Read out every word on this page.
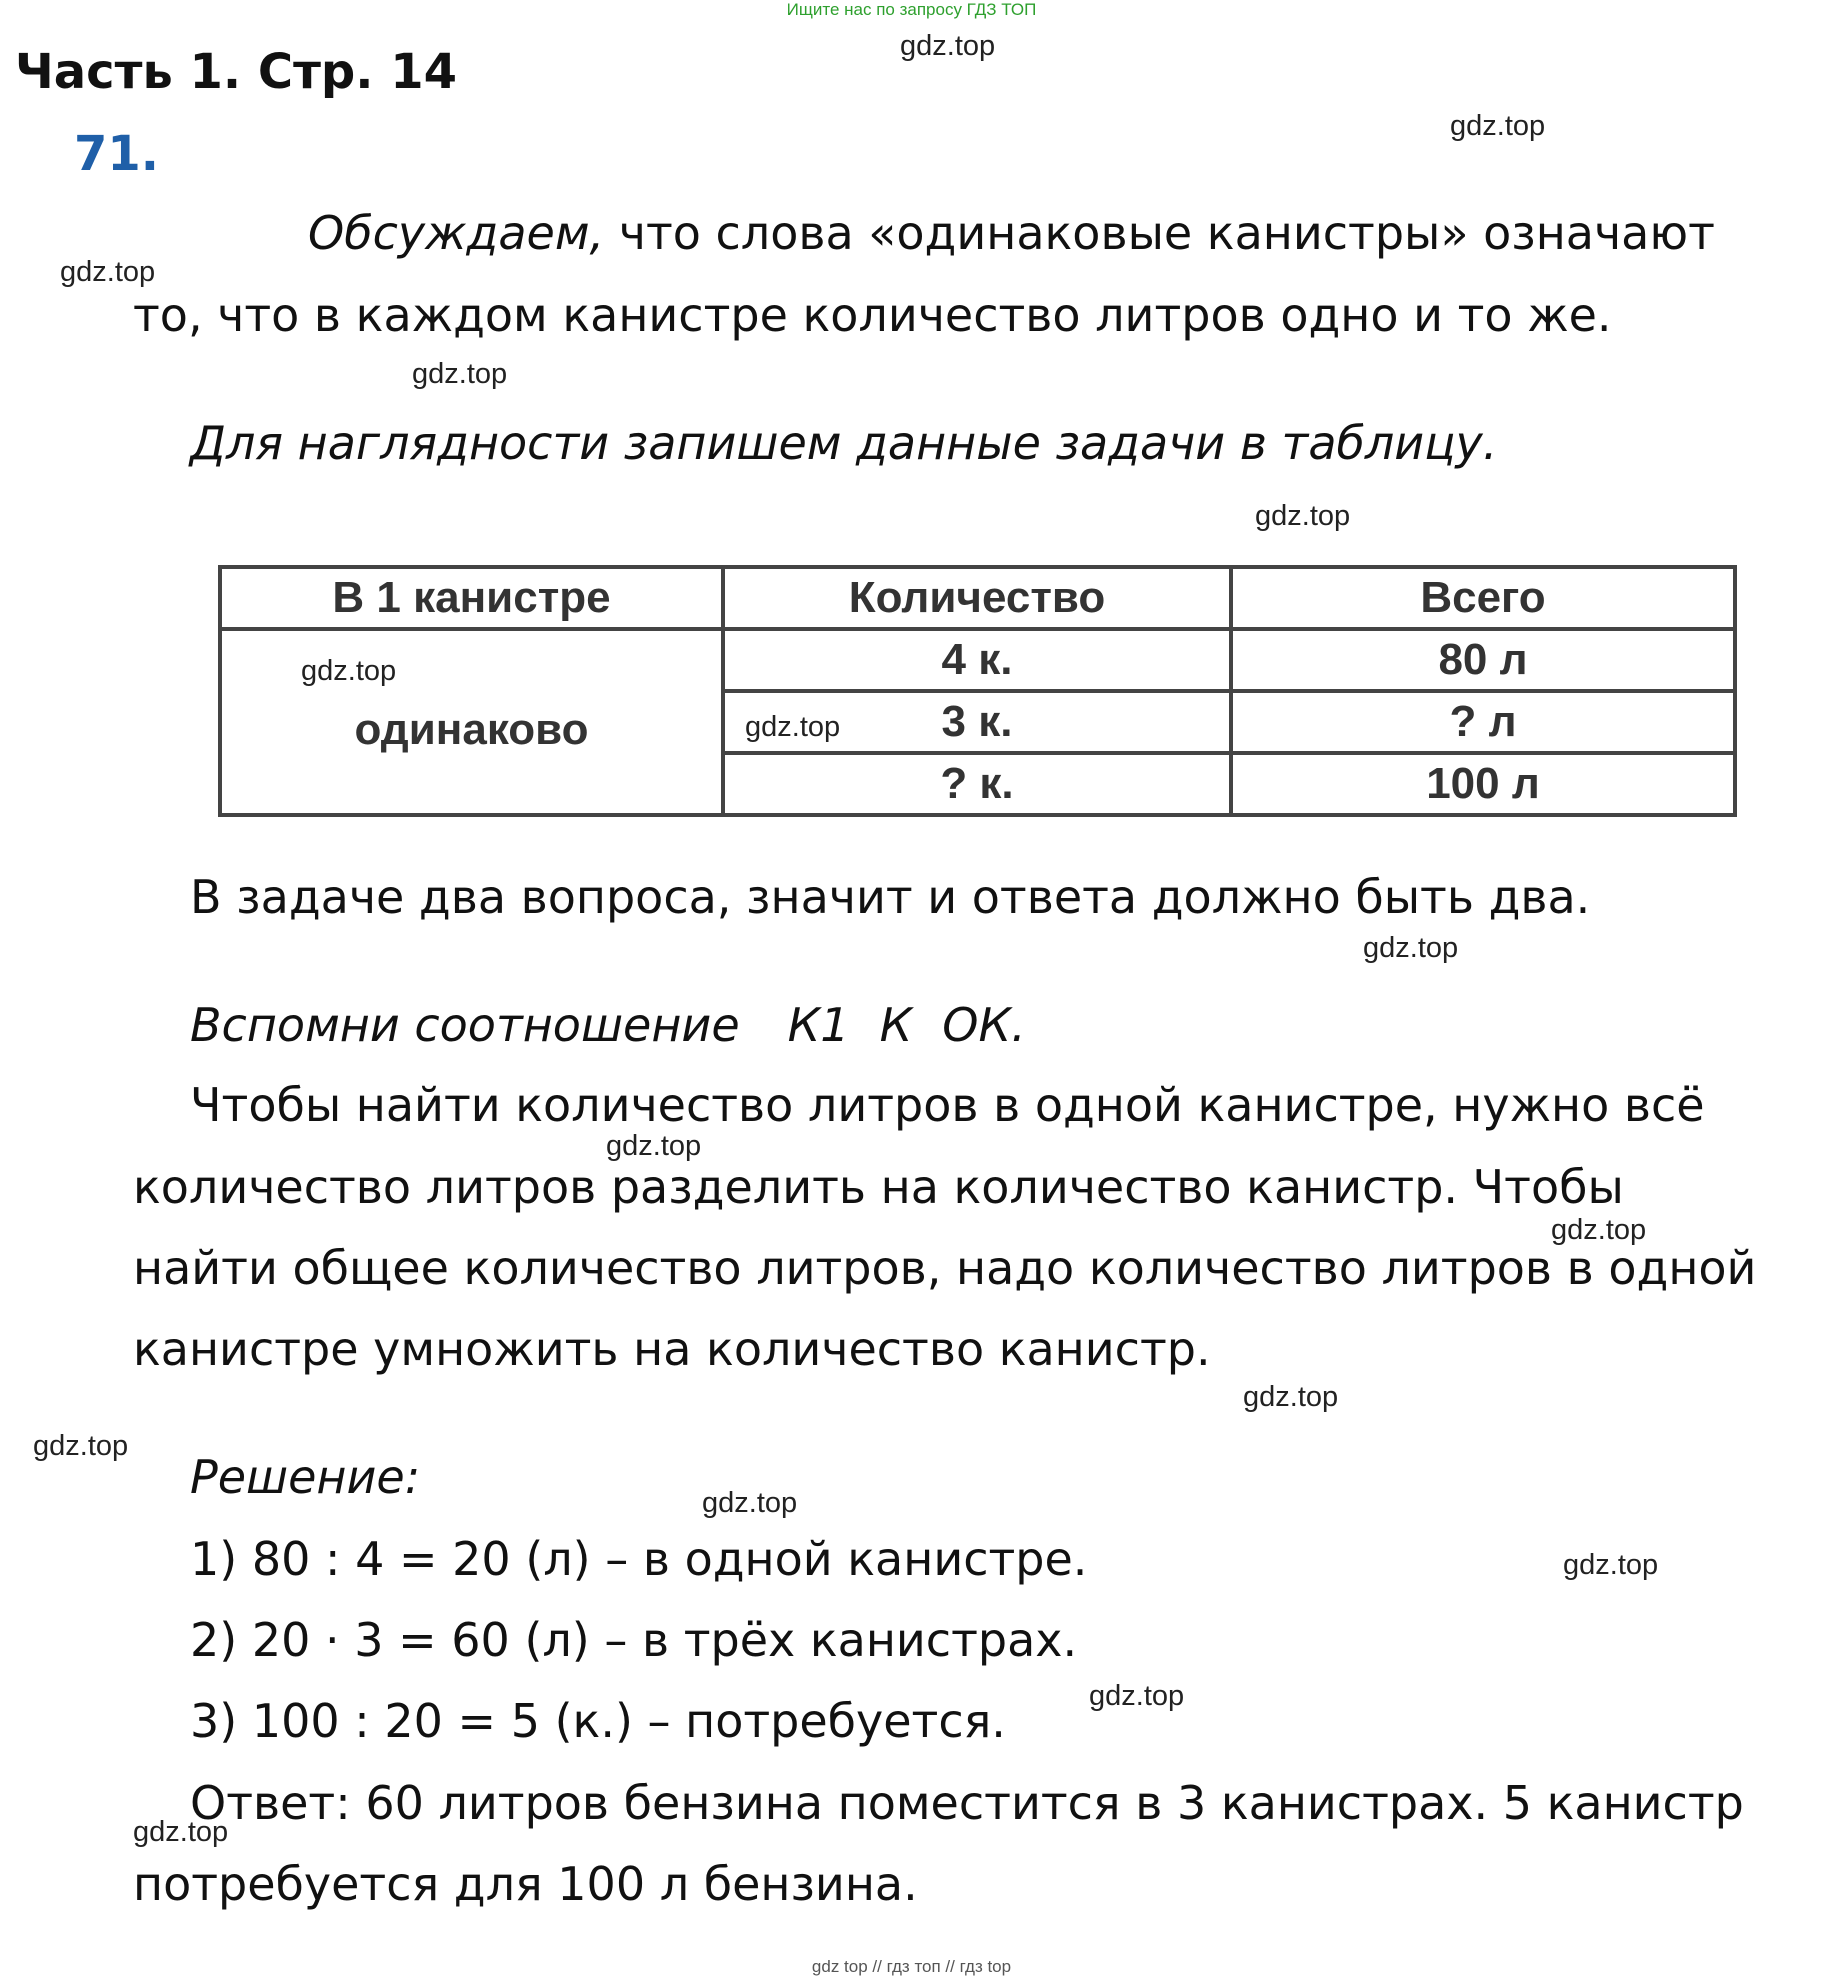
Ищите нас по запросу ГДЗ ТОП
Часть 1. Стр. 14
71.
Обсуждаем, что слова «одинаковые канистры» означают
то, что в каждом канистре количество литров одно и то же.
Для наглядности запишем данные задачи в таблицу.
В 1 канистре	Количество	Всего
одинаково	4 к.	80 л
	3 к.	? л
	? к.	100 л
В задаче два вопроса, значит и ответа должно быть два.
Вспомни соотношение К1 К ОК.
Чтобы найти количество литров в одной канистре, нужно всё
количество литров разделить на количество канистр. Чтобы
найти общее количество литров, надо количество литров в одной
канистре умножить на количество канистр.
Решение:
1) 80 : 4 = 20 (л) – в одной канистре.
2) 20 · 3 = 60 (л) – в трёх канистрах.
3) 100 : 20 = 5 (к.) – потребуется.
Ответ: 60 литров бензина поместится в 3 канистрах. 5 канистр
потребуется для 100 л бензина.
gdz.top
gdz.top
gdz.top
gdz.top
gdz.top
gdz.top
gdz.top
gdz.top
gdz.top
gdz.top
gdz.top
gdz.top
gdz.top
gdz.top
gdz.top
gdz.top
gdz top // гдз топ // гдз top
